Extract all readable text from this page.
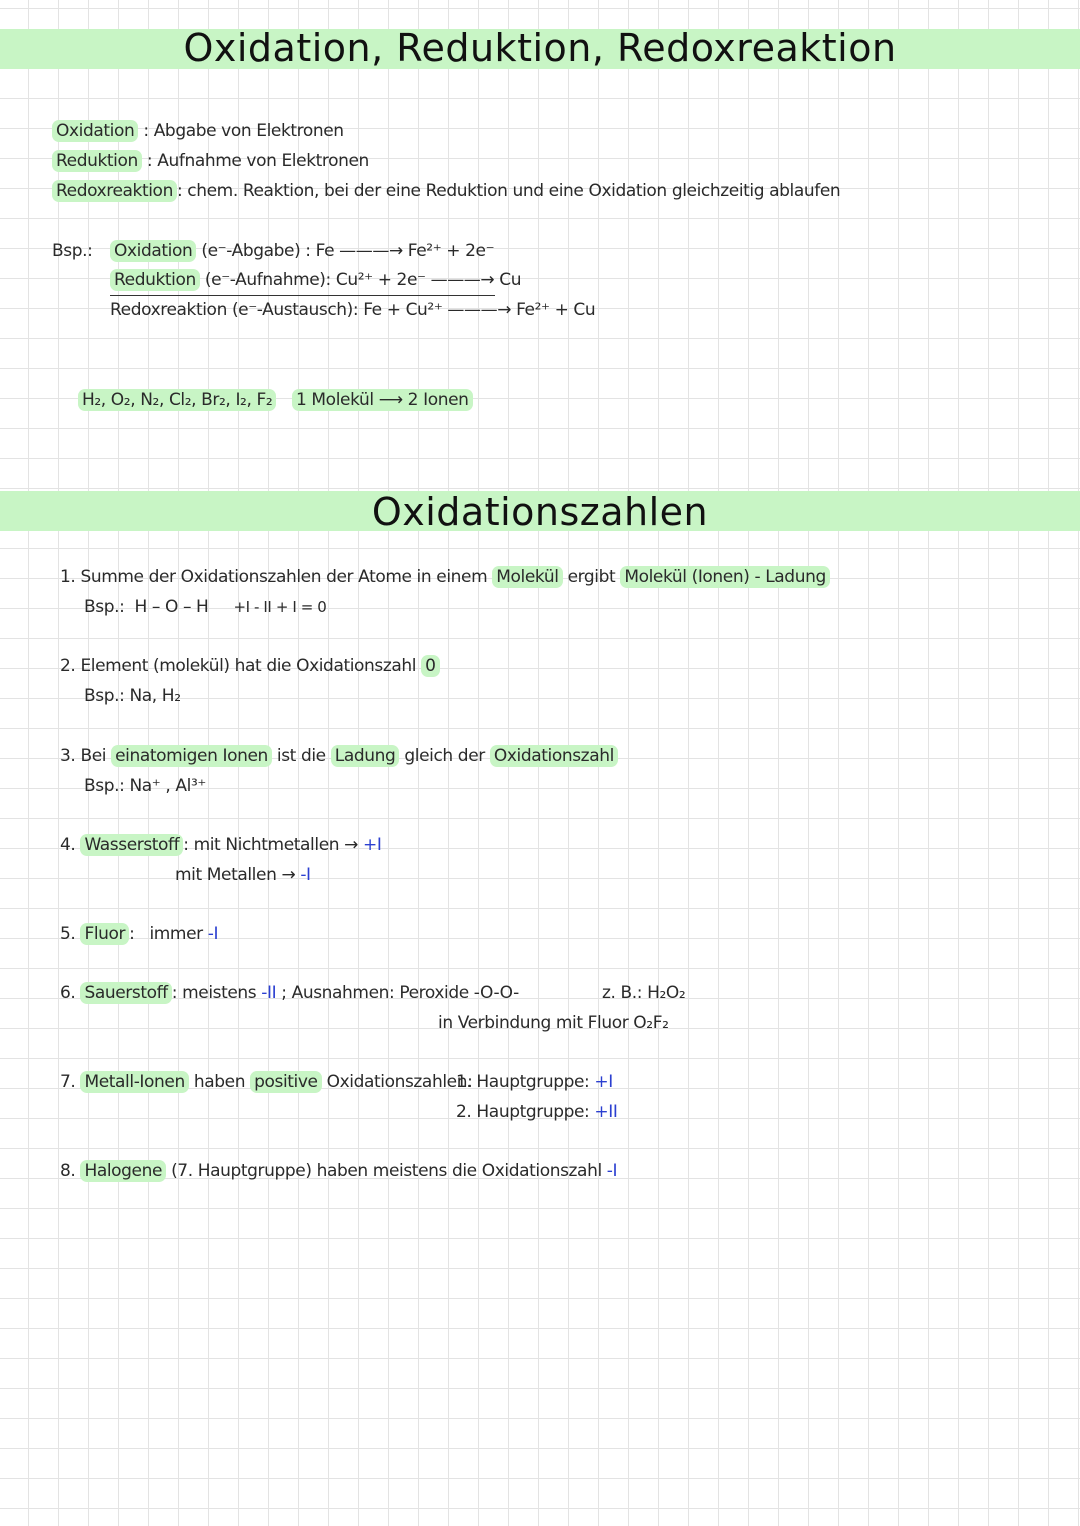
Oxidation, Reduktion, Redoxreaktion
Oxidation : Abgabe von Elektronen
Reduktion : Aufnahme von Elektronen
Redoxreaktion : chem. Reaktion, bei der eine Reduktion und eine Oxidation gleichzeitig ablaufen
Bsp.: Oxidation (e⁻-Abgabe) : Fe ———→ Fe²⁺ + 2e⁻
Reduktion (e⁻-Aufnahme): Cu²⁺ + 2e⁻ ———→ Cu
Redoxreaktion (e⁻-Austausch): Fe + Cu²⁺ ———→ Fe²⁺ + Cu
H₂, O₂, N₂, Cl₂, Br₂, I₂, F₂ 1 Molekül ⟶ 2 Ionen
Oxidationszahlen
1. Summe der Oxidationszahlen der Atome in einem Molekül ergibt Molekül (Ionen) - Ladung
Bsp.: H – O – H +I - II + I = 0
2. Element (molekül) hat die Oxidationszahl 0
Bsp.: Na, H₂
3. Bei einatomigen Ionen ist die Ladung gleich der Oxidationszahl
Bsp.: Na⁺ , Al³⁺
4. Wasserstoff : mit Nichtmetallen → +I
mit Metallen → -I
5. Fluor : immer -I
6. Sauerstoff : meistens -II ; Ausnahmen: Peroxide -O-O-	z. B.: H₂O₂
in Verbindung mit Fluor O₂F₂
7. Metall-Ionen haben positive Oxidationszahlen:
1. Hauptgruppe: +I
2. Hauptgruppe: +II
8. Halogene (7. Hauptgruppe) haben meistens die Oxidationszahl -I
